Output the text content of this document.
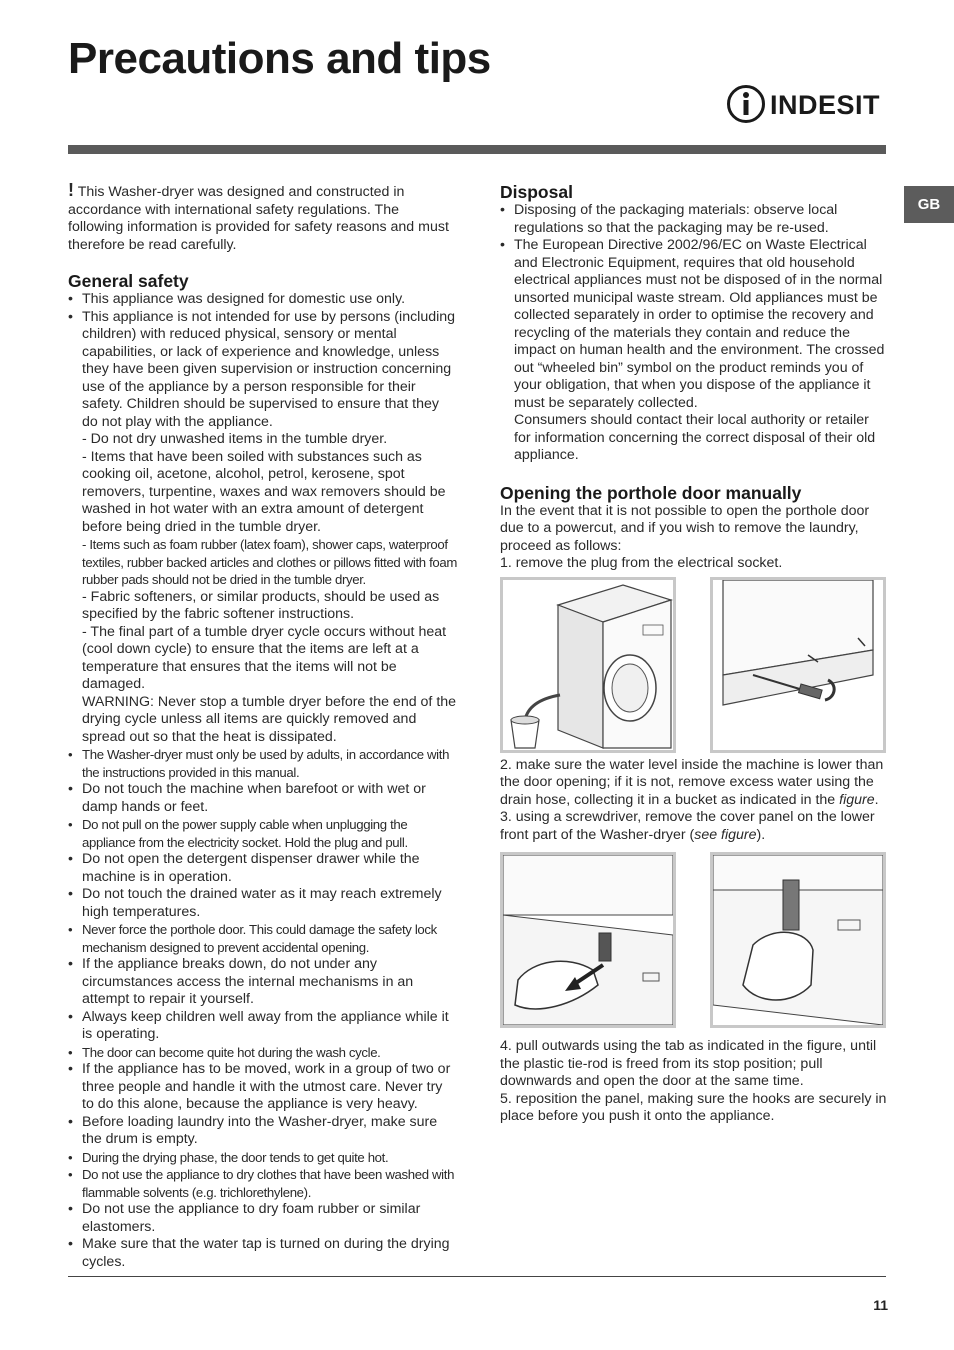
Precautions and tips
INDESIT
GB

! This Washer-dryer was designed and constructed in accordance with international safety regulations. The following information is provided for safety reasons and must therefore be read carefully.

General safety
• This appliance was designed for domestic use only.
• This appliance is not intended for use by persons (including children) with reduced physical, sensory or mental capabilities, or lack of experience and knowledge, unless they have been given supervision or instruction concerning use of the appliance by a person responsible for their safety. Children should be supervised to ensure that they do not play with the appliance.
- Do not dry unwashed items in the tumble dryer.
- Items that have been soiled with substances such as cooking oil, acetone, alcohol, petrol, kerosene, spot removers, turpentine, waxes and wax removers should be washed in hot water with an extra amount of detergent before being dried in the tumble dryer.
- Items such as foam rubber (latex foam), shower caps, waterproof textiles, rubber backed articles and clothes or pillows fitted with foam rubber pads should not be dried in the tumble dryer.
- Fabric softeners, or similar products, should be used as specified by the fabric softener instructions.
- The final part of a tumble dryer cycle occurs without heat (cool down cycle) to ensure that the items are left at a temperature that ensures that the items will not be damaged.
WARNING: Never stop a tumble dryer before the end of the drying cycle unless all items are quickly removed and spread out so that the heat is dissipated.
• The Washer-dryer must only be used by adults, in accordance with the instructions provided in this manual.
• Do not touch the machine when barefoot or with wet or damp hands or feet.
• Do not pull on the power supply cable when unplugging the appliance from the electricity socket. Hold the plug and pull.
• Do not open the detergent dispenser drawer while the machine is in operation.
• Do not touch the drained water as it may reach extremely high temperatures.
• Never force the porthole door. This could damage the safety lock mechanism designed to prevent accidental opening.
• If the appliance breaks down, do not under any circumstances access the internal mechanisms in an attempt to repair it yourself.
• Always keep children well away from the appliance while it is operating.
• The door can become quite hot during the wash cycle.
• If the appliance has to be moved, work in a group of two or three people and handle it with the utmost care. Never try to do this alone, because the appliance is very heavy.
• Before loading laundry into the Washer-dryer, make sure the drum is empty.
• During the drying phase, the door tends to get quite hot.
• Do not use the appliance to dry clothes that have been washed with flammable solvents (e.g. trichlorethylene).
• Do not use the appliance to dry foam rubber or similar elastomers.
• Make sure that the water tap is turned on during the drying cycles.
Disposal
• Disposing of the packaging materials: observe local regulations so that the packaging may be re-used.
• The European Directive 2002/96/EC on Waste Electrical and Electronic Equipment, requires that old household electrical appliances must not be disposed of in the normal unsorted municipal waste stream. Old appliances must be collected separately in order to optimise the recovery and recycling of the materials they contain and reduce the impact on human health and the environment. The crossed out “wheeled bin” symbol on the product reminds you of your obligation, that when you dispose of the appliance it must be separately collected.
Consumers should contact their local authority or retailer for information concerning the correct disposal of their old appliance.
Opening the porthole door manually

In the event that it is not possible to open the porthole door due to a powercut, and if you wish to remove the laundry, proceed as follows:

1. remove the plug from the electrical socket.

2. make sure the water level inside the machine is lower than the door opening; if it is not, remove excess water using the drain hose, collecting it in a bucket as indicated in the figure.

3. using a screwdriver, remove the cover panel on the lower front part of the Washer-dryer (see figure).

4. pull outwards using the tab as indicated in the figure, until the plastic tie-rod is freed from its stop position; pull downwards and open the door at the same time.

5. reposition the panel, making sure the hooks are securely in place before you push it onto the appliance.

11
